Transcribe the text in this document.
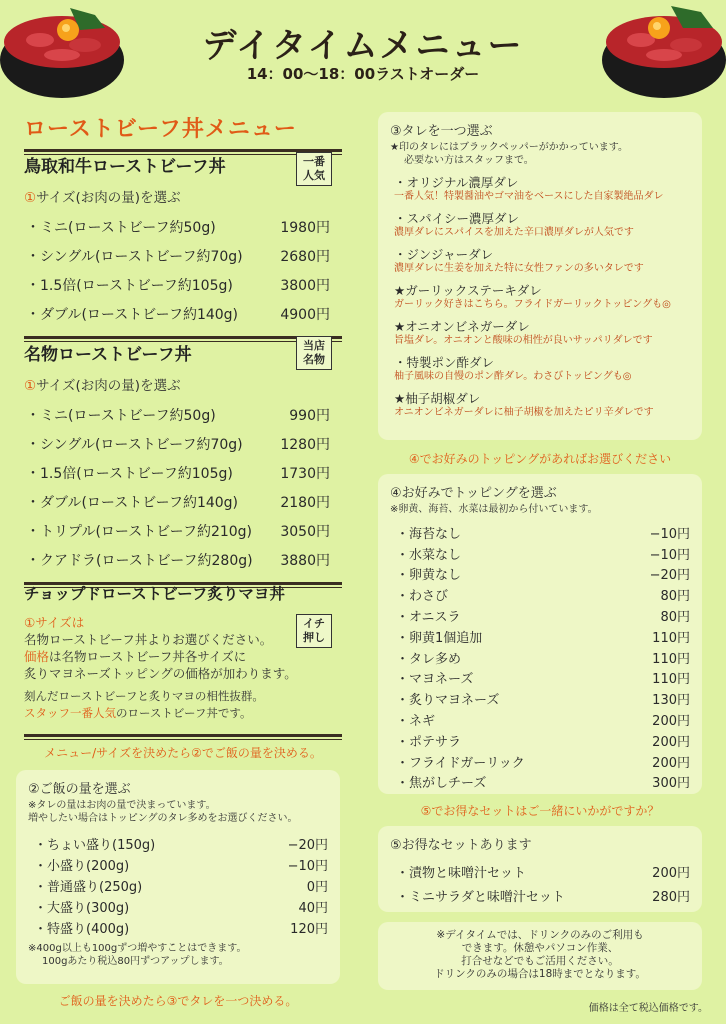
デイタイムメニュー
14：00〜18：00ラストオーダー
ローストビーフ丼メニュー
鳥取和牛ローストビーフ丼	一番
人気
①サイズ(お肉の量)を選ぶ
・ミニ(ローストビーフ約50g)	1980円
・シングル(ローストビーフ約70g)	2680円
・1.5倍(ローストビーフ約105g)	3800円
・ダブル(ローストビーフ約140g)	4900円
名物ローストビーフ丼	当店
名物
①サイズ(お肉の量)を選ぶ
・ミニ(ローストビーフ約50g)	990円
・シングル(ローストビーフ約70g)	1280円
・1.5倍(ローストビーフ約105g)	1730円
・ダブル(ローストビーフ約140g)	2180円
・トリプル(ローストビーフ約210g) 3050円
・クアドラ(ローストビーフ約280g) 3880円
チョップドローストビーフ炙りマヨ丼
イチ
押し
①サイズは
名物ローストビーフ丼よりお選びください。
価格は名物ローストビーフ丼各サイズに
炙りマヨネーズトッピングの価格が加わります。
刻んだローストビーフと炙りマヨの相性抜群。
スタッフ一番人気のローストビーフ丼です。
メニュー/サイズを決めたら②でご飯の量を決める。
②ご飯の量を選ぶ
※タレの量はお肉の量で決まっています。
増やしたい場合はトッピングのタレ多めをお選びください。
・ちょい盛り(150g)	−20円
・小盛り(200g)	−10円
・普通盛り(250g)	0円
・大盛り(300g)	40円
・特盛り(400g)	120円
※400g以上も100gずつ増やすことはできます。
100gあたり税込80円ずつアップします。
ご飯の量を決めたら③でタレを一つ決める。
③タレを一つ選ぶ
★印のタレにはブラックペッパーがかかっています。
必要ない方はスタッフまで。
・オリジナル濃厚ダレ
一番人気！特製醤油やゴマ油をベースにした自家製絶品ダレ
・スパイシー濃厚ダレ
濃厚ダレにスパイスを加えた辛口濃厚ダレが人気です
・ジンジャーダレ
濃厚ダレに生姜を加えた特に女性ファンの多いタレです
★ガーリックステーキダレ
ガーリック好きはこちら。フライドガーリックトッピングも◎
★オニオンビネガーダレ
旨塩ダレ。オニオンと酸味の相性が良いサッパリダレです
・特製ポン酢ダレ
柚子風味の自慢のポン酢ダレ。わさびトッピングも◎
★柚子胡椒ダレ
オニオンビネガーダレに柚子胡椒を加えたピリ辛ダレです
④でお好みのトッピングがあればお選びください
④お好みでトッピングを選ぶ
※卵黄、海苔、水菜は最初から付いています。
・海苔なし	−10円
・水菜なし	−10円
・卵黄なし	−20円
・わさび	80円
・オニスラ	80円
・卵黄1個追加	110円
・タレ多め	110円
・マヨネーズ	110円
・炙りマヨネーズ	130円
・ネギ	200円
・ポテサラ	200円
・フライドガーリック	200円
・焦がしチーズ	300円
⑤でお得なセットはご一緒にいかがですか？
⑤お得なセットあります
・漬物と味噌汁セット	200円
・ミニサラダと味噌汁セット	280円
※デイタイムでは、ドリンクのみのご利用も
できます。休憩やパソコン作業、
打合せなどでもご活用ください。
ドリンクのみの場合は18時までとなります。
価格は全て税込価格です。
